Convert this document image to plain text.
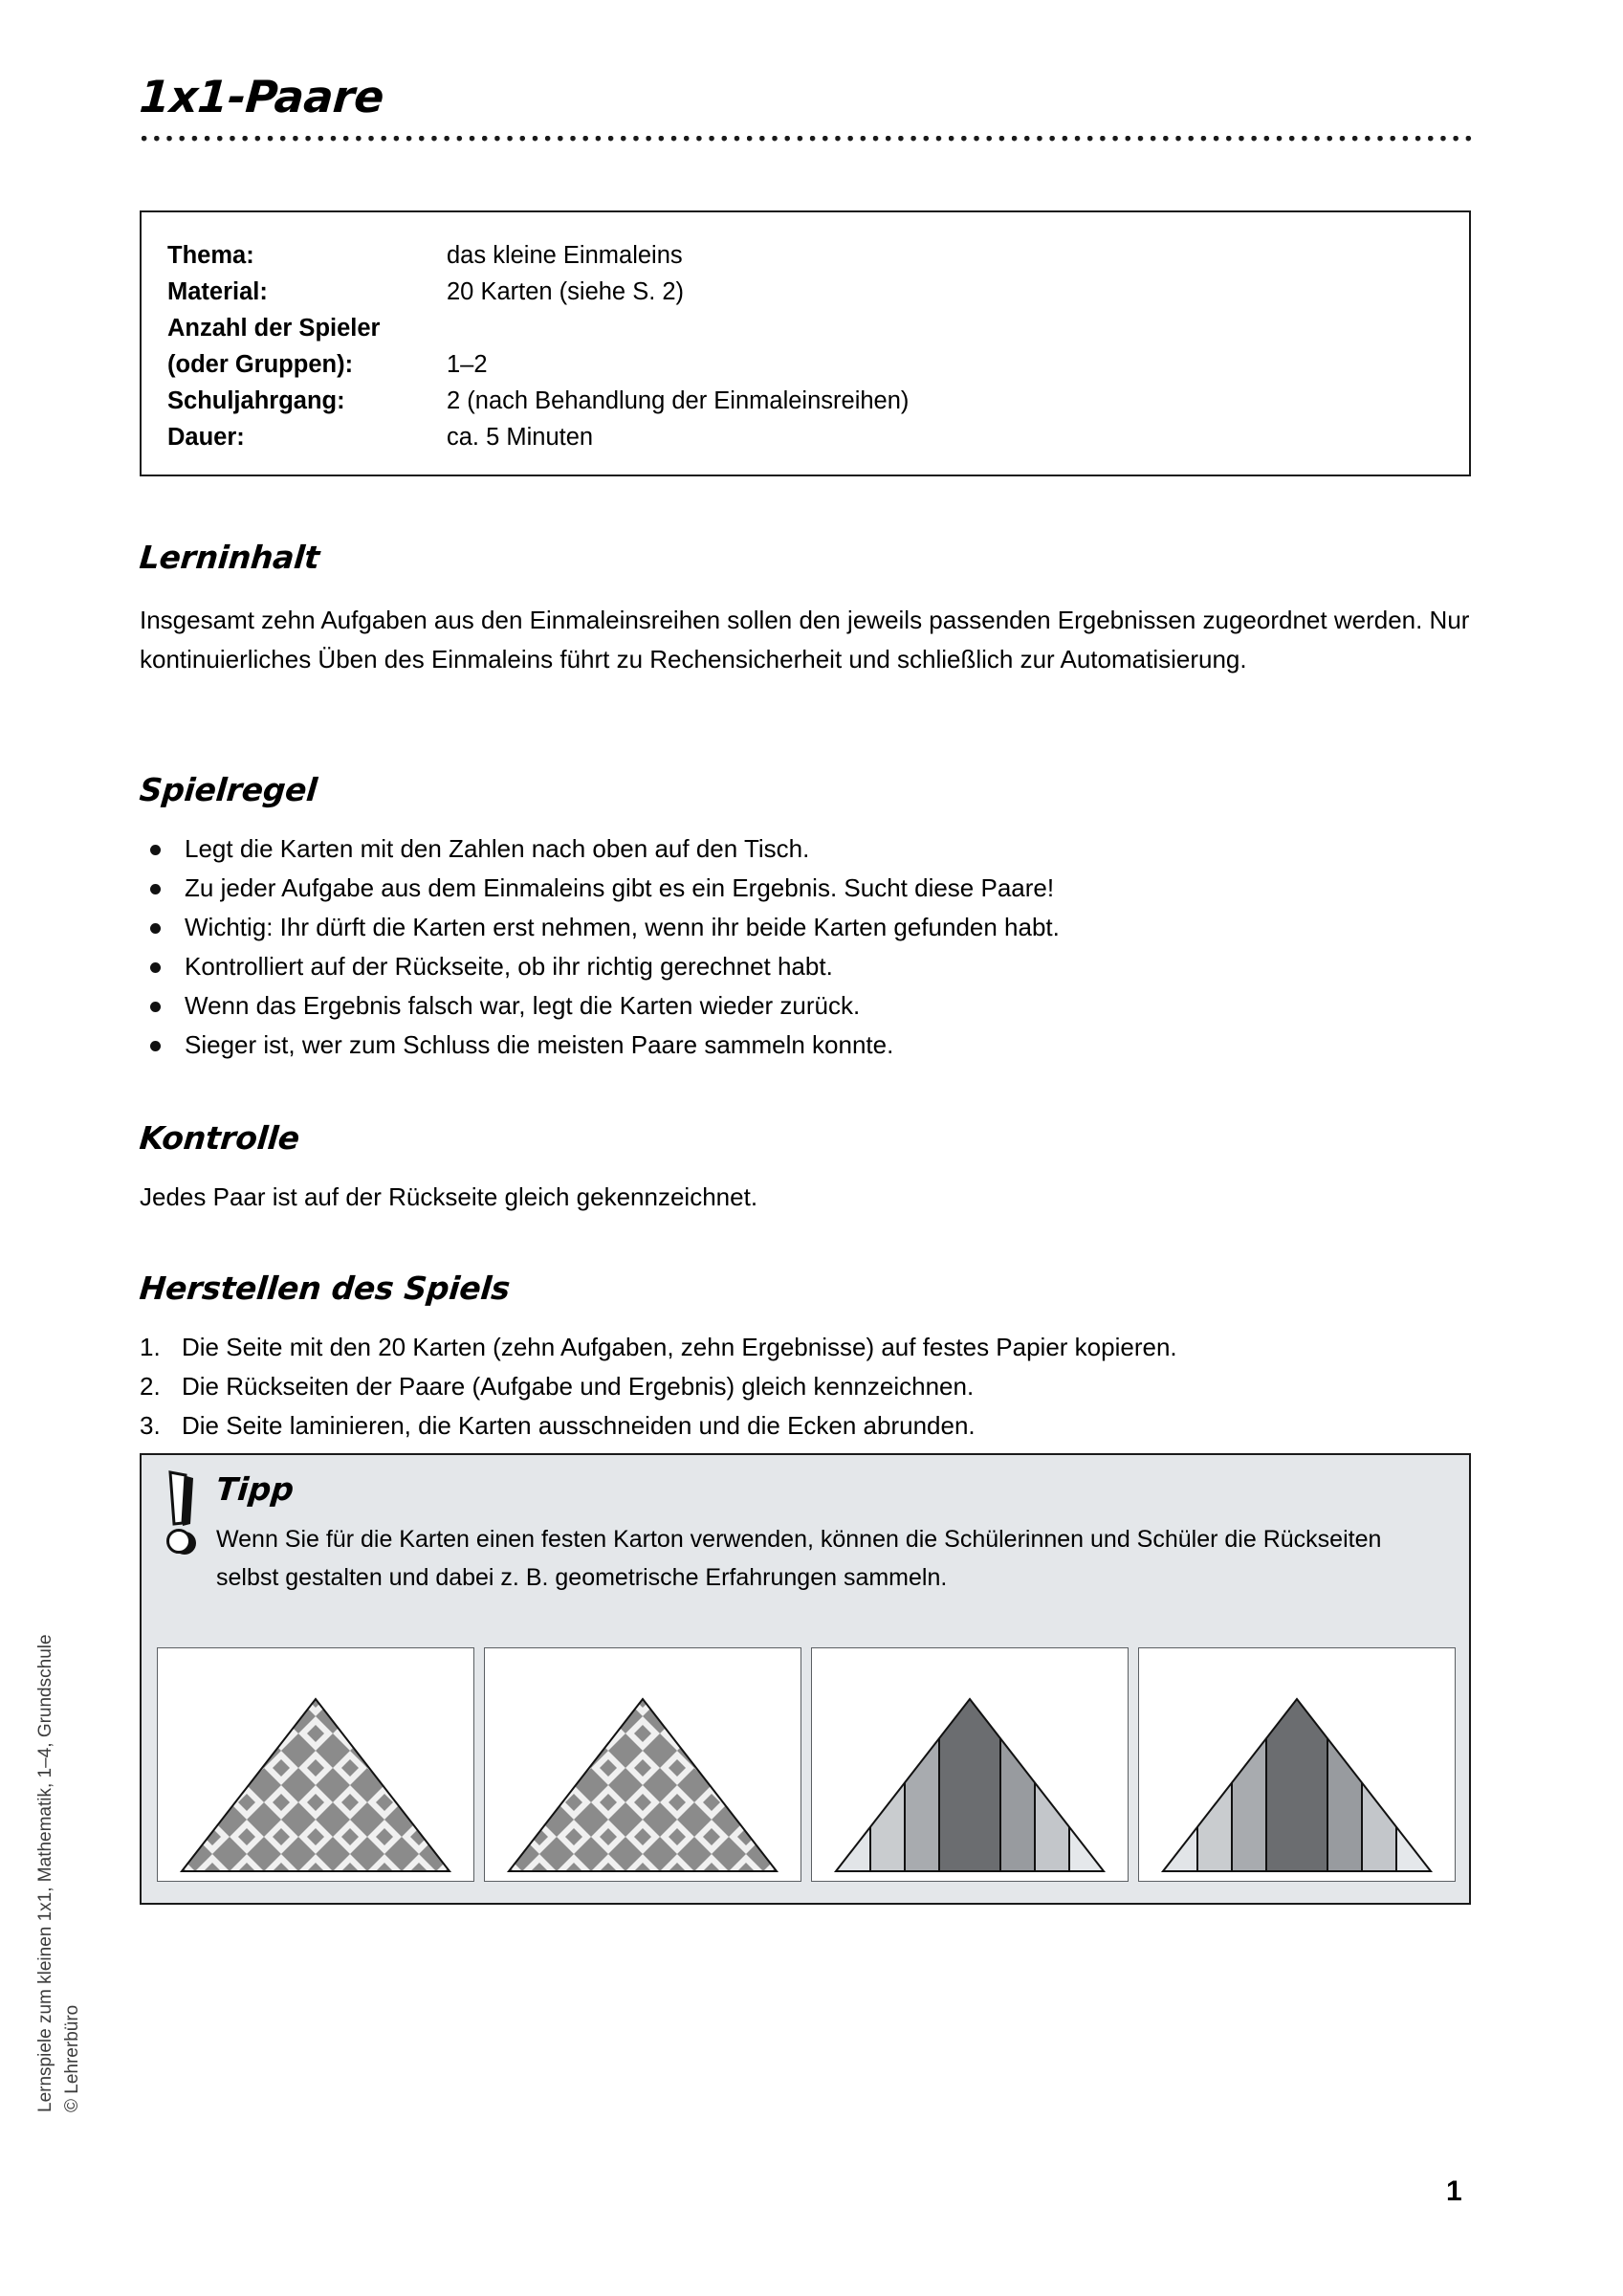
1x1-Paare
Thema:	das kleine Einmaleins
Material:	20 Karten (siehe S. 2)
Anzahl der Spieler
(oder Gruppen):	1–2
Schuljahrgang:	2 (nach Behandlung der Einmaleinsreihen)
Dauer:	ca. 5 Minuten
Lerninhalt
Insgesamt zehn Aufgaben aus den Einmaleinsreihen sollen den jeweils passenden Ergebnissen zugeordnet werden. Nur kontinuierliches Üben des Einmaleins führt zu Rechensicherheit und schließlich zur Automatisierung.
Spielregel
Legt die Karten mit den Zahlen nach oben auf den Tisch.
Zu jeder Aufgabe aus dem Einmaleins gibt es ein Ergebnis. Sucht diese Paare!
Wichtig: Ihr dürft die Karten erst nehmen, wenn ihr beide Karten gefunden habt.
Kontrolliert auf der Rückseite, ob ihr richtig gerechnet habt.
Wenn das Ergebnis falsch war, legt die Karten wieder zurück.
Sieger ist, wer zum Schluss die meisten Paare sammeln konnte.
Kontrolle
Jedes Paar ist auf der Rückseite gleich gekennzeichnet.
Herstellen des Spiels
1. Die Seite mit den 20 Karten (zehn Aufgaben, zehn Ergebnisse) auf festes Papier kopieren.
2. Die Rückseiten der Paare (Aufgabe und Ergebnis) gleich kennzeichnen.
3. Die Seite laminieren, die Karten ausschneiden und die Ecken abrunden.
Tipp
Wenn Sie für die Karten einen festen Karton verwenden, können die Schülerinnen und Schüler die Rückseiten selbst gestalten und dabei z. B. geometrische Erfahrungen sammeln.
Lernspiele zum kleinen 1x1, Mathematik, 1–4, Grundschule © Lehrerbüro
1
